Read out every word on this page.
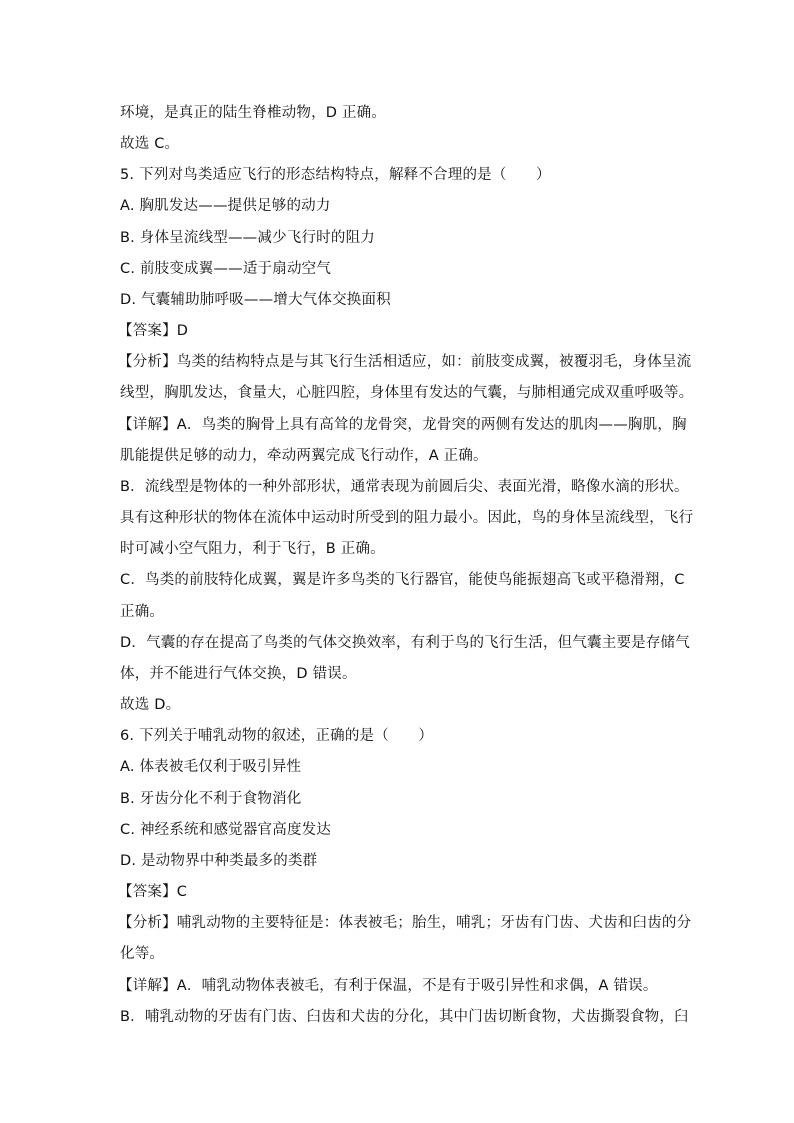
环境，是真正的陆生脊椎动物，D 正确。
故选 C。
5. 下列对鸟类适应飞行的形态结构特点，解释不合理的是（　　）
A. 胸肌发达——提供足够的动力
B. 身体呈流线型——减少飞行时的阻力
C. 前肢变成翼——适于扇动空气
D. 气囊辅助肺呼吸——增大气体交换面积
【答案】D
【分析】鸟类的结构特点是与其飞行生活相适应，如：前肢变成翼，被覆羽毛，身体呈流
线型，胸肌发达，食量大，心脏四腔，身体里有发达的气囊，与肺相通完成双重呼吸等。
【详解】A．鸟类的胸骨上具有高耸的龙骨突，龙骨突的两侧有发达的肌肉——胸肌，胸
肌能提供足够的动力，牵动两翼完成飞行动作，A 正确。
B．流线型是物体的一种外部形状，通常表现为前圆后尖、表面光滑，略像水滴的形状。
具有这种形状的物体在流体中运动时所受到的阻力最小。因此，鸟的身体呈流线型，飞行
时可减小空气阻力，利于飞行，B 正确。
C．鸟类的前肢特化成翼，翼是许多鸟类的飞行器官，能使鸟能振翅高飞或平稳滑翔，C
正确。
D．气囊的存在提高了鸟类的气体交换效率，有利于鸟的飞行生活，但气囊主要是存储气
体，并不能进行气体交换，D 错误。
故选 D。
6. 下列关于哺乳动物的叙述，正确的是（　　）
A. 体表被毛仅利于吸引异性
B. 牙齿分化不利于食物消化
C. 神经系统和感觉器官高度发达
D. 是动物界中种类最多的类群
【答案】C
【分析】哺乳动物的主要特征是：体表被毛；胎生，哺乳；牙齿有门齿、犬齿和臼齿的分
化等。
【详解】A．哺乳动物体表被毛，有利于保温，不是有于吸引异性和求偶，A 错误。
B．哺乳动物的牙齿有门齿、臼齿和犬齿的分化，其中门齿切断食物，犬齿撕裂食物，臼
